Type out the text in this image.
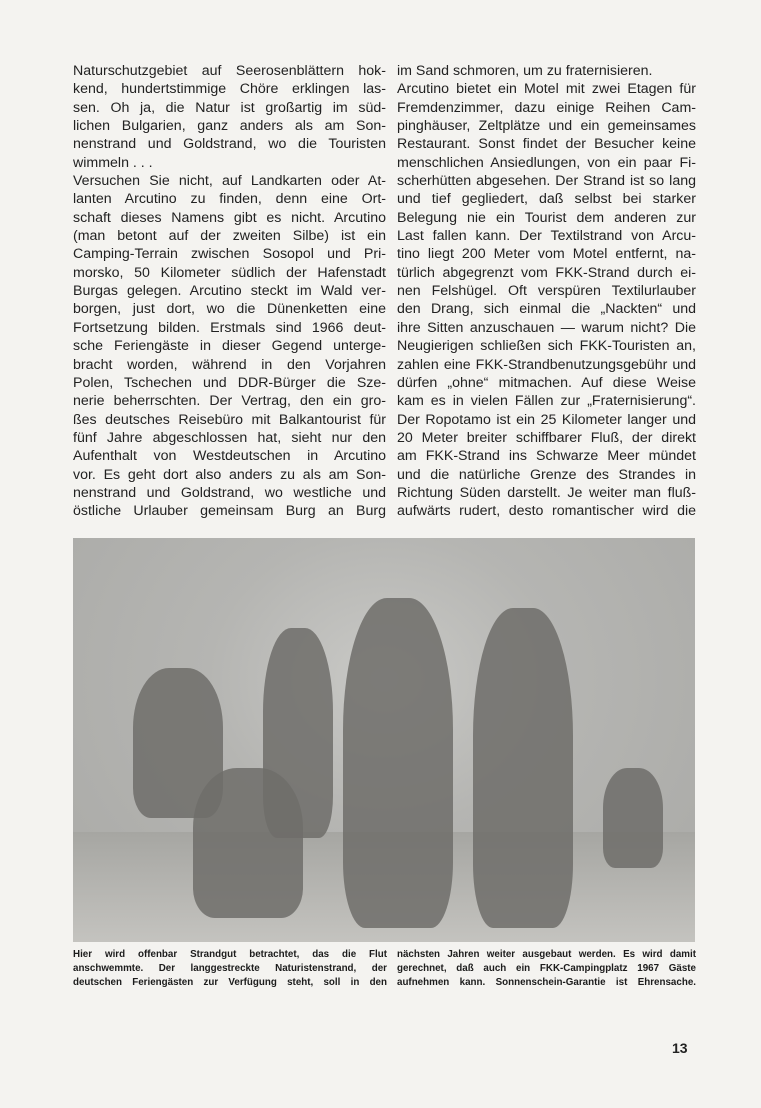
Naturschutzgebiet auf Seerosenblättern hok-
kend, hundertstimmige Chöre erklingen las-
sen. Oh ja, die Natur ist großartig im süd-
lichen Bulgarien, ganz anders als am Son-
nenstrand und Goldstrand, wo die Touristen
wimmeln . . .
Versuchen Sie nicht, auf Landkarten oder At-
lanten Arcutino zu finden, denn eine Ort-
schaft dieses Namens gibt es nicht. Arcutino
(man betont auf der zweiten Silbe) ist ein
Camping-Terrain zwischen Sosopol und Pri-
morsko, 50 Kilometer südlich der Hafenstadt
Burgas gelegen. Arcutino steckt im Wald ver-
borgen, just dort, wo die Dünenketten eine
Fortsetzung bilden. Erstmals sind 1966 deut-
sche Feriengäste in dieser Gegend unterge-
bracht worden, während in den Vorjahren
Polen, Tschechen und DDR-Bürger die Sze-
nerie beherrschten. Der Vertrag, den ein gro-
ßes deutsches Reisebüro mit Balkantourist für
fünf Jahre abgeschlossen hat, sieht nur den
Aufenthalt von Westdeutschen in Arcutino
vor. Es geht dort also anders zu als am Son-
nenstrand und Goldstrand, wo westliche und
östliche Urlauber gemeinsam Burg an Burg
im Sand schmoren, um zu fraternisieren.
Arcutino bietet ein Motel mit zwei Etagen für
Fremdenzimmer, dazu einige Reihen Cam-
pinghäuser, Zeltplätze und ein gemeinsames
Restaurant. Sonst findet der Besucher keine
menschlichen Ansiedlungen, von ein paar Fi-
scherhütten abgesehen. Der Strand ist so lang
und tief gegliedert, daß selbst bei starker
Belegung nie ein Tourist dem anderen zur
Last fallen kann. Der Textilstrand von Arcu-
tino liegt 200 Meter vom Motel entfernt, na-
türlich abgegrenzt vom FKK-Strand durch ei-
nen Felshügel. Oft verspüren Textilurlauber
den Drang, sich einmal die „Nackten“ und
ihre Sitten anzuschauen — warum nicht? Die
Neugierigen schließen sich FKK-Touristen an,
zahlen eine FKK-Strandbenutzungsgebühr und
dürfen „ohne“ mitmachen. Auf diese Weise
kam es in vielen Fällen zur „Fraternisierung“.
Der Ropotamo ist ein 25 Kilometer langer und
20 Meter breiter schiffbarer Fluß, der direkt
am FKK-Strand ins Schwarze Meer mündet
und die natürliche Grenze des Strandes in
Richtung Süden darstellt. Je weiter man fluß-
aufwärts rudert, desto romantischer wird die
Hier wird offenbar Strandgut betrachtet, das die Flut
anschwemmte. Der langgestreckte Naturistenstrand, der
deutschen Feriengästen zur Verfügung steht, soll in den
nächsten Jahren weiter ausgebaut werden. Es wird damit
gerechnet, daß auch ein FKK-Campingplatz 1967 Gäste
aufnehmen kann. Sonnenschein-Garantie ist Ehrensache.
13
